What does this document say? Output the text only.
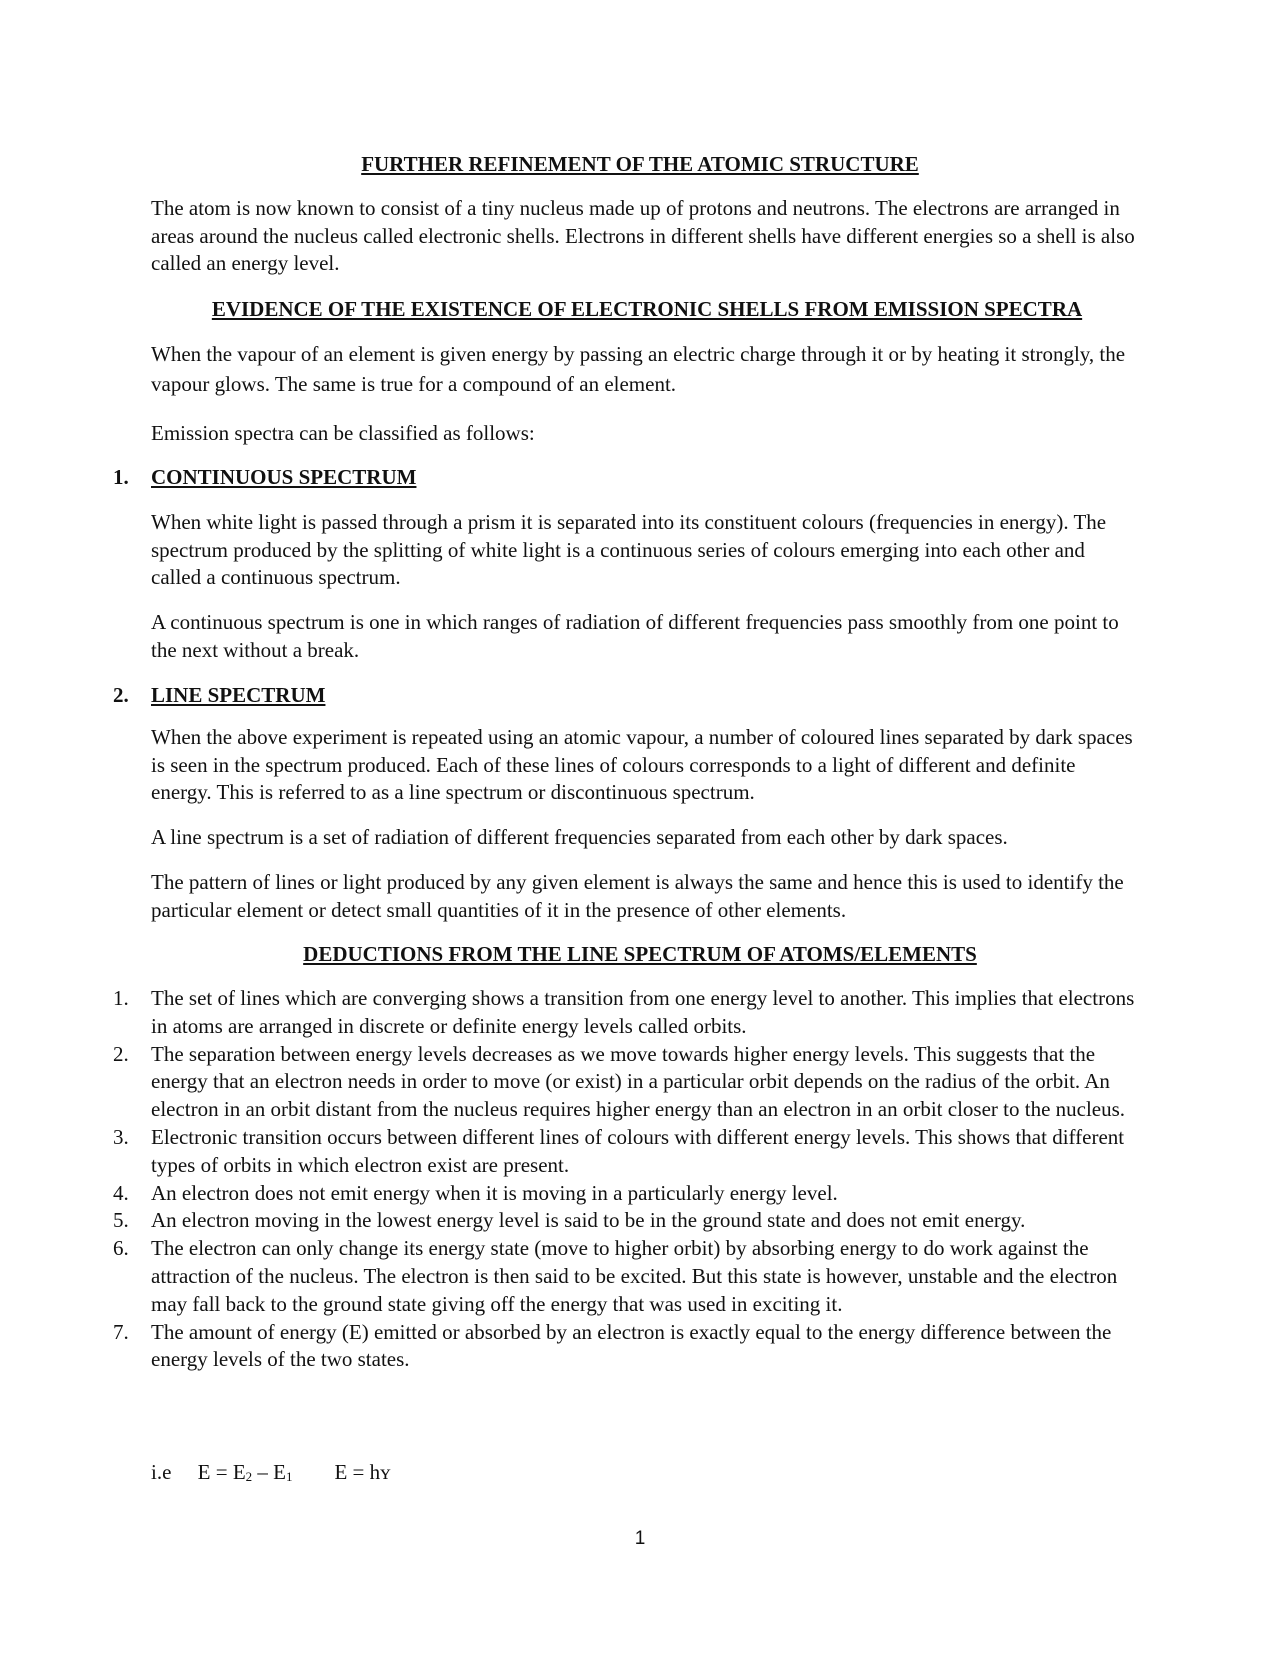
FURTHER REFINEMENT OF THE ATOMIC STRUCTURE
The atom is now known to consist of a tiny nucleus made up of protons and neutrons. The electrons are arranged in areas around the nucleus called electronic shells. Electrons in different shells have different energies so a shell is also called an energy level.
EVIDENCE OF THE EXISTENCE OF ELECTRONIC SHELLS FROM EMISSION SPECTRA
When the vapour of an element is given energy by passing an electric charge through it or by heating it strongly, the vapour glows. The same is true for a compound of an element.
Emission spectra can be classified as follows:
1. CONTINUOUS SPECTRUM
When white light is passed through a prism it is separated into its constituent colours (frequencies in energy). The spectrum produced by the splitting of white light is a continuous series of colours emerging into each other and called a continuous spectrum.
A continuous spectrum is one in which ranges of radiation of different frequencies pass smoothly from one point to the next without a break.
2. LINE SPECTRUM
When the above experiment is repeated using an atomic vapour, a number of coloured lines separated by dark spaces is seen in the spectrum produced. Each of these lines of colours corresponds to a light of different and definite energy. This is referred to as a line spectrum or discontinuous spectrum.
A line spectrum is a set of radiation of different frequencies separated from each other by dark spaces.
The pattern of lines or light produced by any given element is always the same and hence this is used to identify the particular element or detect small quantities of it in the presence of other elements.
DEDUCTIONS FROM THE LINE SPECTRUM OF ATOMS/ELEMENTS
1. The set of lines which are converging shows a transition from one energy level to another. This implies that electrons in atoms are arranged in discrete or definite energy levels called orbits.
2. The separation between energy levels decreases as we move towards higher energy levels. This suggests that the energy that an electron needs in order to move (or exist) in a particular orbit depends on the radius of the orbit. An electron in an orbit distant from the nucleus requires higher energy than an electron in an orbit closer to the nucleus.
3. Electronic transition occurs between different lines of colours with different energy levels. This shows that different types of orbits in which electron exist are present.
4. An electron does not emit energy when it is moving in a particularly energy level.
5. An electron moving in the lowest energy level is said to be in the ground state and does not emit energy.
6. The electron can only change its energy state (move to higher orbit) by absorbing energy to do work against the attraction of the nucleus. The electron is then said to be excited. But this state is however, unstable and the electron may fall back to the ground state giving off the energy that was used in exciting it.
7. The amount of energy (E) emitted or absorbed by an electron is exactly equal to the energy difference between the energy levels of the two states.
i.e $E = E_2 - E_1$ E = hʏ
1
